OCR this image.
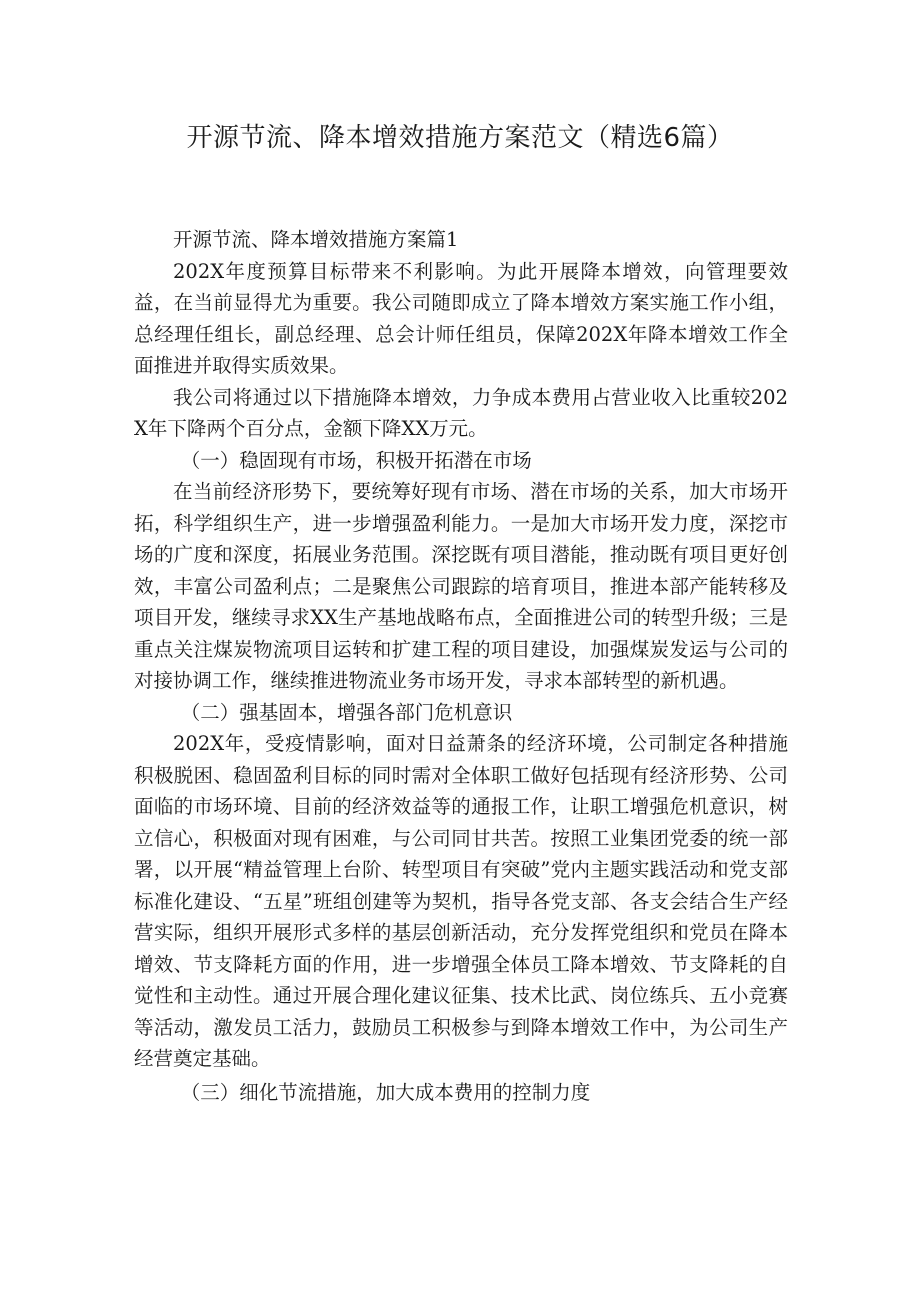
开源节流、降本增效措施方案范文（精选6篇）

开源节流、降本增效措施方案篇1

202X年度预算目标带来不利影响。为此开展降本增效，向管理要效益，在当前显得尤为重要。我公司随即成立了降本增效方案实施工作小组，总经理任组长，副总经理、总会计师任组员，保障202X年降本增效工作全面推进并取得实质效果。

我公司将通过以下措施降本增效，力争成本费用占营业收入比重较202X年下降两个百分点，金额下降XX万元。

（一）稳固现有市场，积极开拓潜在市场

在当前经济形势下，要统筹好现有市场、潜在市场的关系，加大市场开拓，科学组织生产，进一步增强盈利能力。一是加大市场开发力度，深挖市场的广度和深度，拓展业务范围。深挖既有项目潜能，推动既有项目更好创效，丰富公司盈利点；二是聚焦公司跟踪的培育项目，推进本部产能转移及项目开发，继续寻求XX生产基地战略布点，全面推进公司的转型升级；三是重点关注煤炭物流项目运转和扩建工程的项目建设，加强煤炭发运与公司的对接协调工作，继续推进物流业务市场开发，寻求本部转型的新机遇。

（二）强基固本，增强各部门危机意识

202X年，受疫情影响，面对日益萧条的经济环境，公司制定各种措施积极脱困、稳固盈利目标的同时需对全体职工做好包括现有经济形势、公司面临的市场环境、目前的经济效益等的通报工作，让职工增强危机意识，树立信心，积极面对现有困难，与公司同甘共苦。按照工业集团党委的统一部署，以开展“精益管理上台阶、转型项目有突破”党内主题实践活动和党支部标准化建设、“五星”班组创建等为契机，指导各党支部、各支会结合生产经营实际，组织开展形式多样的基层创新活动，充分发挥党组织和党员在降本增效、节支降耗方面的作用，进一步增强全体员工降本增效、节支降耗的自觉性和主动性。通过开展合理化建议征集、技术比武、岗位练兵、五小竞赛等活动，激发员工活力，鼓励员工积极参与到降本增效工作中，为公司生产经营奠定基础。

（三）细化节流措施，加大成本费用的控制力度
